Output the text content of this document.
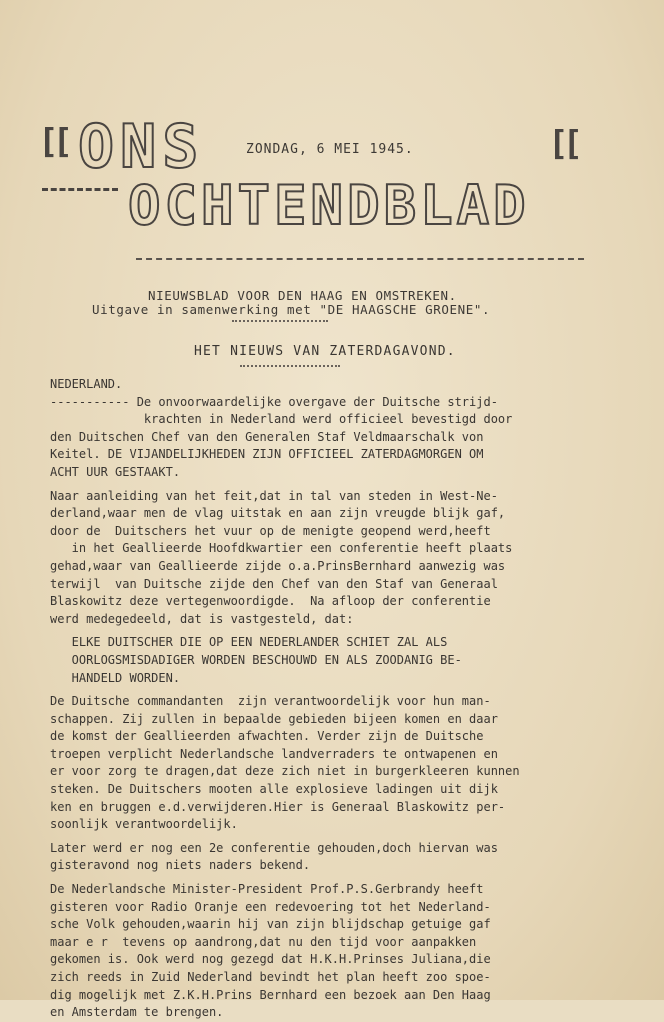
[[ ONS	ZONDAG, 6 MEI 1945.	[[
OCHTENDBLAD
NIEUWSBLAD VOOR DEN HAAG EN OMSTREKEN.
Uitgave in samenwerking met "DE HAAGSCHE GROENE".
HET NIEUWS VAN ZATERDAGAVOND.
NEDERLAND.
----------- De onvoorwaardelijke overgave der Duitsche strijd-
krachten in Nederland werd officieel bevestigd door
den Duitschen Chef van den Generalen Staf Veldmaarschalk von
Keitel. DE VIJANDELIJKHEDEN ZIJN OFFICIEEL ZATERDAGMORGEN OM
ACHT UUR GESTAAKT.
Naar aanleiding van het feit,dat in tal van steden in West-Ne-
derland,waar men de vlag uitstak en aan zijn vreugde blijk gaf,
door de  Duitschers het vuur op de menigte geopend werd,heeft
in het Geallieerde Hoofdkwartier een conferentie heeft plaats
gehad,waar van Geallieerde zijde o.a.PrinsBernhard aanwezig was
terwijl  van Duitsche zijde den Chef van den Staf van Generaal
Blaskowitz deze vertegenwoordigde.  Na afloop der conferentie
werd medegedeeld, dat is vastgesteld, dat:
ELKE DUITSCHER DIE OP EEN NEDERLANDER SCHIET ZAL ALS
OORLOGSMISDADIGER WORDEN BESCHOUWD EN ALS ZOODANIG BE-
HANDELD WORDEN.
De Duitsche commandanten  zijn verantwoordelijk voor hun man-
schappen. Zij zullen in bepaalde gebieden bijeen komen en daar
de komst der Geallieerden afwachten. Verder zijn de Duitsche
troepen verplicht Nederlandsche landverraders te ontwapenen en
er voor zorg te dragen,dat deze zich niet in burgerkleeren kunnen
steken. De Duitschers mooten alle explosieve ladingen uit dijk
ken en bruggen e.d.verwijderen.Hier is Generaal Blaskowitz per-
soonlijk verantwoordelijk.
Later werd er nog een 2e conferentie gehouden,doch hiervan was
gisteravond nog niets naders bekend.
De Nederlandsche Minister-President Prof.P.S.Gerbrandy heeft
gisteren voor Radio Oranje een redevoering tot het Nederland-
sche Volk gehouden,waarin hij van zijn blijdschap getuige gaf
maar e r  tevens op aandrong,dat nu den tijd voor aanpakken
gekomen is. Ook werd nog gezegd dat H.K.H.Prinses Juliana,die
zich reeds in Zuid Nederland bevindt het plan heeft zoo spoe-
dig mogelijk met Z.K.H.Prins Bernhard een bezoek aan Den Haag
en Amsterdam te brengen.
